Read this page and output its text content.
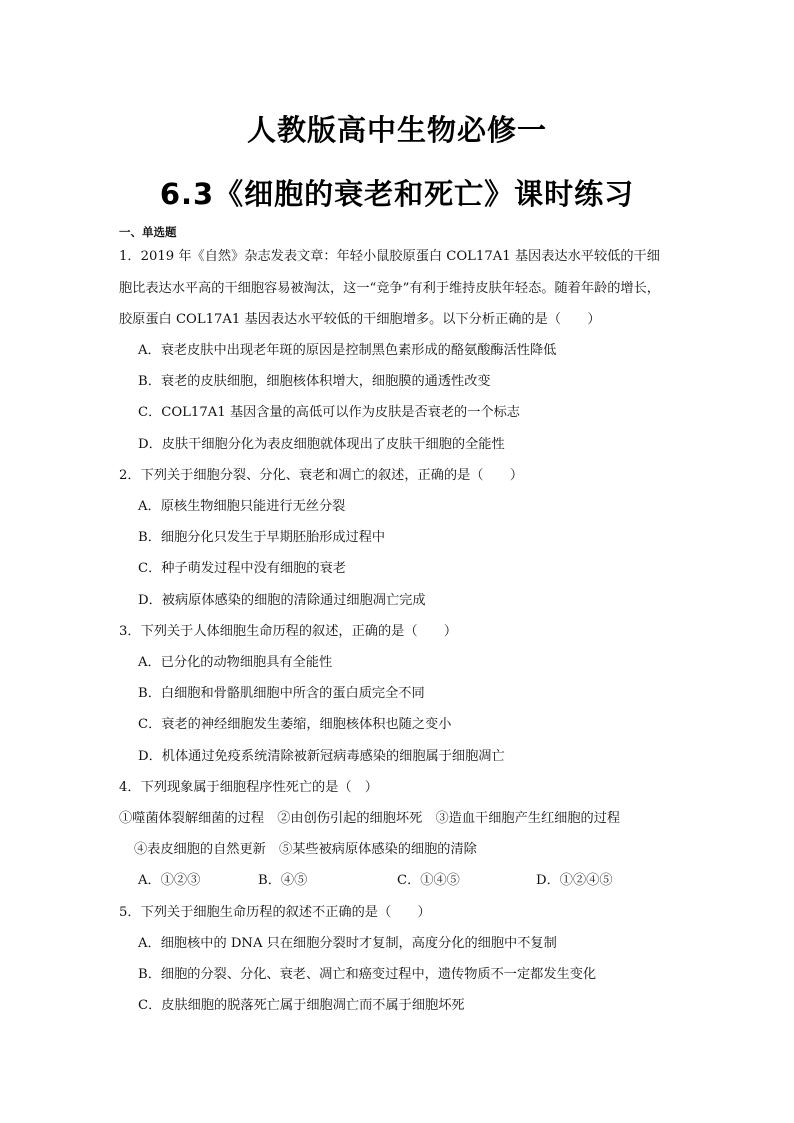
人教版高中生物必修一
6.3《细胞的衰老和死亡》课时练习
一、单选题
1．2019 年《自然》杂志发表文章：年轻小鼠胶原蛋白 COL17A1 基因表达水平较低的干细
胞比表达水平高的干细胞容易被淘汰，这一“竞争”有利于维持皮肤年轻态。随着年龄的增长，
胶原蛋白 COL17A1 基因表达水平较低的干细胞增多。以下分析正确的是（　　）
A．衰老皮肤中出现老年斑的原因是控制黑色素形成的酪氨酸酶活性降低
B．衰老的皮肤细胞，细胞核体积增大，细胞膜的通透性改变
C．COL17A1 基因含量的高低可以作为皮肤是否衰老的一个标志
D．皮肤干细胞分化为表皮细胞就体现出了皮肤干细胞的全能性
2．下列关于细胞分裂、分化、衰老和凋亡的叙述，正确的是（　　）
A．原核生物细胞只能进行无丝分裂
B．细胞分化只发生于早期胚胎形成过程中
C．种子萌发过程中没有细胞的衰老
D．被病原体感染的细胞的清除通过细胞凋亡完成
3．下列关于人体细胞生命历程的叙述，正确的是（　　）
A．已分化的动物细胞具有全能性
B．白细胞和骨骼肌细胞中所含的蛋白质完全不同
C．衰老的神经细胞发生萎缩，细胞核体积也随之变小
D．机体通过免疫系统清除被新冠病毒感染的细胞属于细胞凋亡
4．下列现象属于细胞程序性死亡的是（　）
①噬菌体裂解细菌的过程　②由创伤引起的细胞坏死　③造血干细胞产生红细胞的过程
④表皮细胞的自然更新　⑤某些被病原体感染的细胞的清除
A．①②③	B．④⑤	C．①④⑤	D．①②④⑤
5．下列关于细胞生命历程的叙述不正确的是（　　）
A．细胞核中的 DNA 只在细胞分裂时才复制，高度分化的细胞中不复制
B．细胞的分裂、分化、衰老、凋亡和癌变过程中，遗传物质不一定都发生变化
C．皮肤细胞的脱落死亡属于细胞凋亡而不属于细胞坏死
